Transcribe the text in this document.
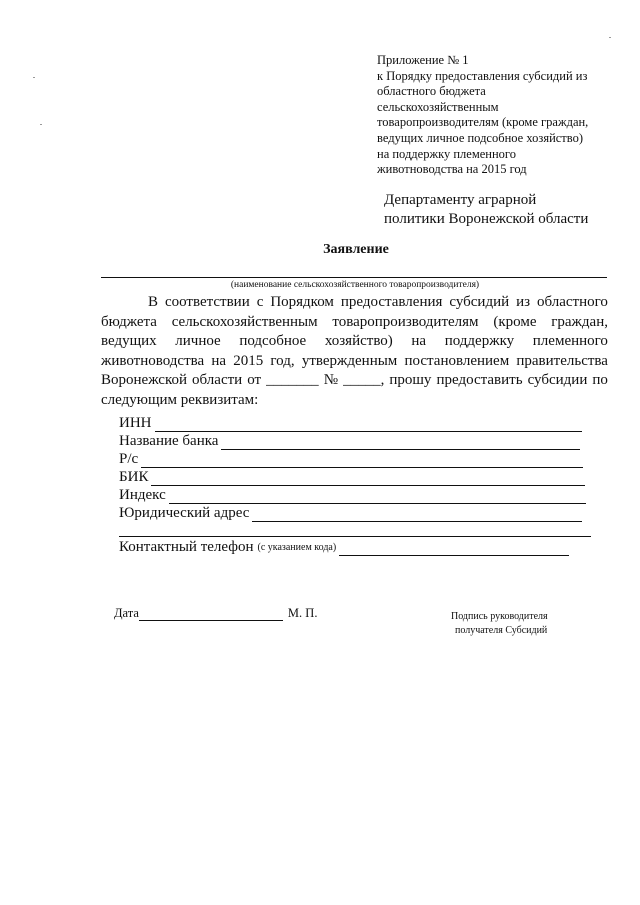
Приложение № 1
к Порядку предоставления субсидий из
областного бюджета
сельскохозяйственным
товаропроизводителям (кроме граждан,
ведущих личное подсобное хозяйство)
на поддержку племенного
животноводства на 2015 год
Департаменту аграрной
политики Воронежской области
Заявление
(наименование сельскохозяйственного товаропроизводителя)
В соответствии с Порядком предоставления субсидий из областного
бюджета сельскохозяйственным товаропроизводителям (кроме граждан,
ведущих личное подсобное хозяйство) на поддержку племенного
животноводства на 2015 год, утвержденным постановлением правительства
Воронежской области от _______ № _____, прошу предоставить субсидии по
следующим реквизитам:
ИНН
Название банка
Р/с
БИК
Индекс
Юридический адрес
Контактный телефон (с указанием кода)
Дата	М. П.	Подпись руководителя
получателя Субсидий
